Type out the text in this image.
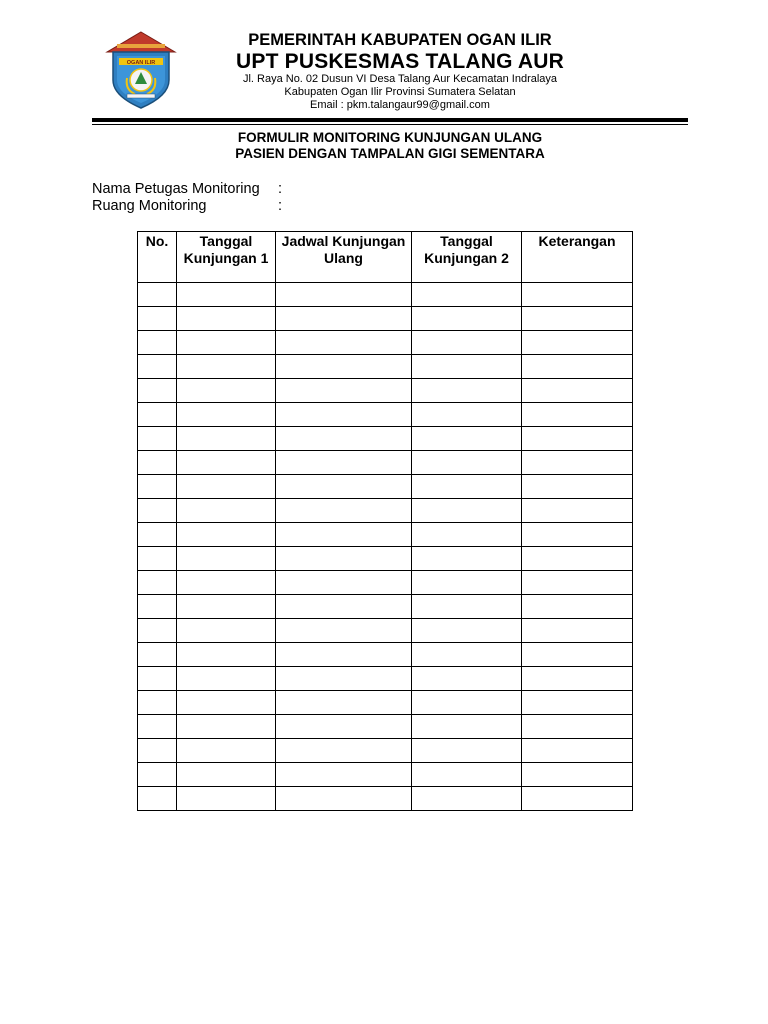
OGAN ILIR
PEMERINTAH KABUPATEN OGAN ILIR
UPT PUSKESMAS TALANG AUR
Jl. Raya No. 02 Dusun VI Desa Talang Aur Kecamatan Indralaya
Kabupaten Ogan Ilir Provinsi Sumatera Selatan
Email : pkm.talangaur99@gmail.com
FORMULIR MONITORING KUNJUNGAN ULANG
PASIEN DENGAN TAMPALAN GIGI SEMENTARA
Nama Petugas Monitoring	:
Ruang Monitoring	:
No.	Tanggal Kunjungan 1	Jadwal Kunjungan Ulang	Tanggal Kunjungan 2	Keterangan
